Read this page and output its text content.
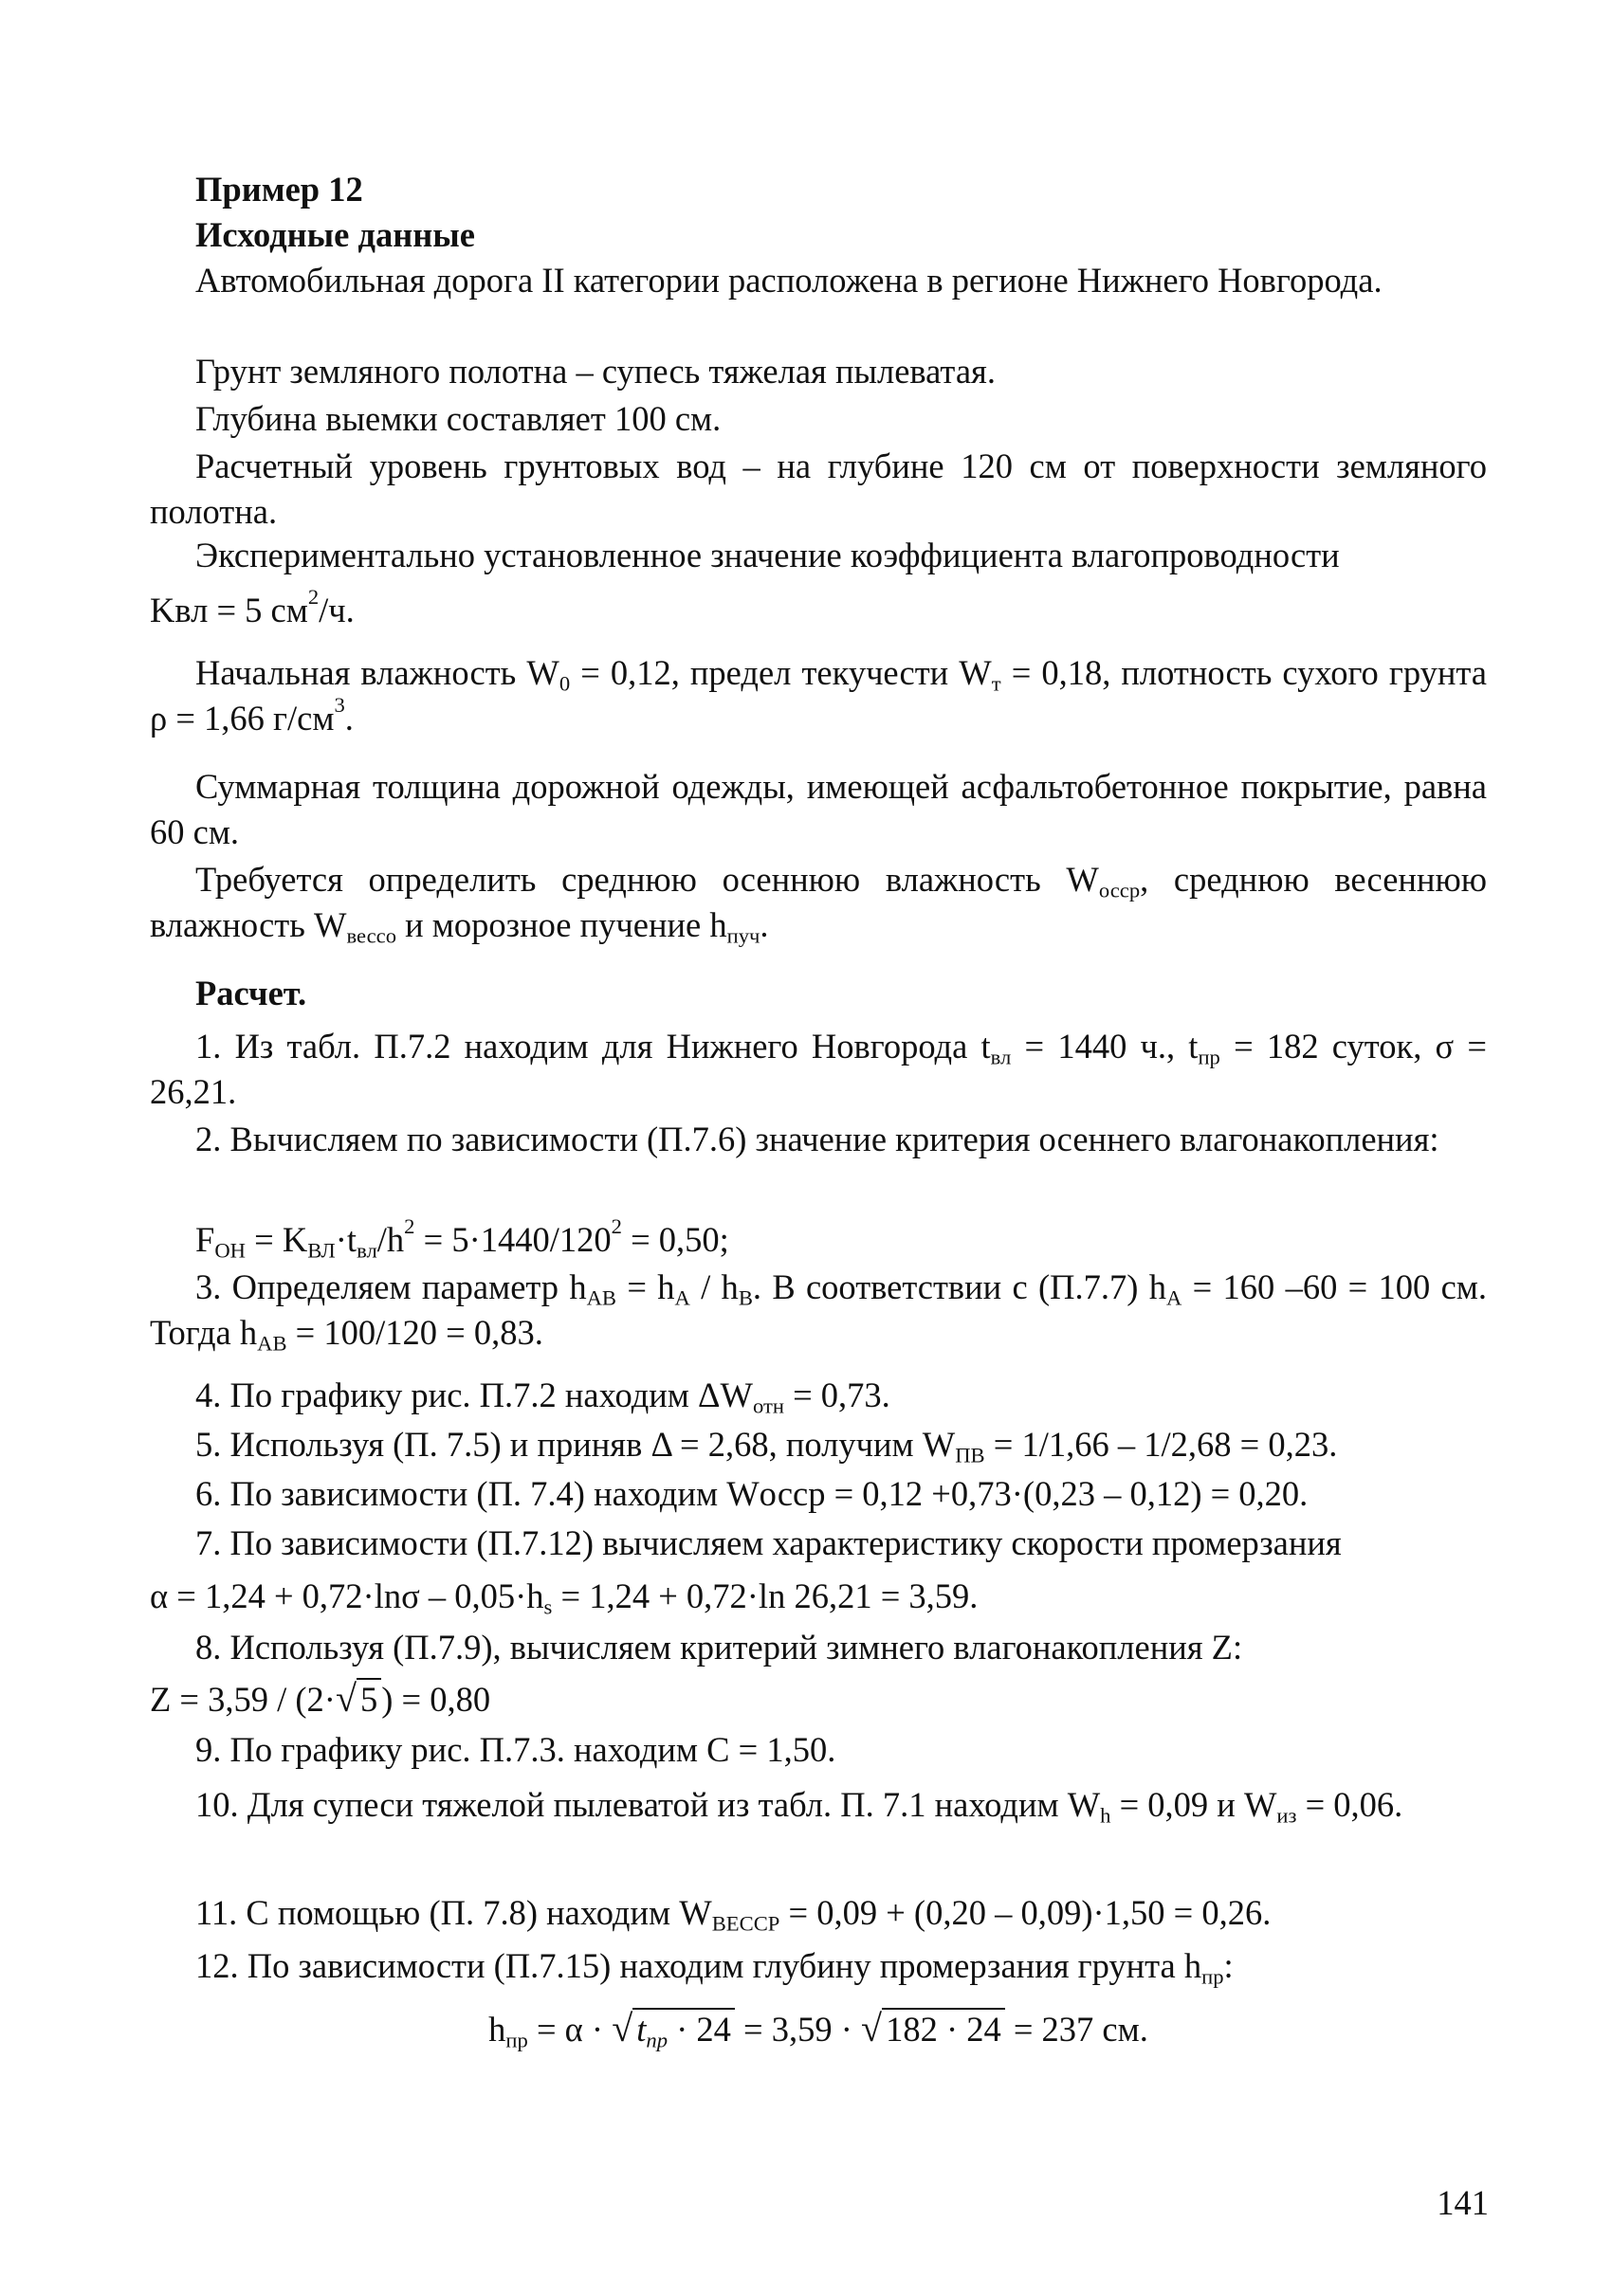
Пример 12
Исходные данные
Автомобильная дорога II категории расположена в регионе Нижнего Новгорода.
Грунт земляного полотна – супесь тяжелая пылеватая.
Глубина выемки составляет 100 см.
Расчетный уровень грунтовых вод – на глубине 120 см от поверхности земляного полотна.
Экспериментально установленное значение коэффициента влагопроводности
Kвл = 5 $см^2/ч$.
Начальная влажность $W_0 = 0,12$, предел текучести $W_т = 0,18$, плотность сухого грунта ρ = 1,66 $г/см^3$.
Суммарная толщина дорожной одежды, имеющей асфальтобетонное покрытие, равна 60 см.
Требуется определить среднюю осеннюю влажность $W_{осср}$, среднюю весеннюю влажность $W_{вессо}$ и морозное пучение $h_{пуч}$.
Расчет.
1. Из табл. П.7.2 находим для Нижнего Новгорода $t_{вл} = 1440$ ч., $t_{пр} = 182$ суток, σ = 26,21.
2. Вычисляем по зависимости (П.7.6) значение критерия осеннего влагонакопления:
$F_{ОН} = K_{ВЛ}\cdot t_{вл}/h^2 = 5\cdot 1440/120^2 = 0,50$;
3. Определяем параметр $h_{AB} = h_A / h_B$. В соответствии с (П.7.7) $h_A = 160$ –60 = 100 см. Тогда $h_{AB} = 100/120 = 0,83$.
4. По графику рис. П.7.2 находим $\Delta W_{отн} = 0,73$.
5. Используя (П. 7.5) и приняв Δ = 2,68, получим $W_{ПВ} = 1/1,66 - 1/2,68 = 0,23$.
6. По зависимости (П. 7.4) находим Wосср = 0,12 +0,73·(0,23 – 0,12) = 0,20.
7. По зависимости (П.7.12) вычисляем характеристику скорости промерзания
$\alpha = 1,24 + 0,72\cdot\ln\sigma - 0,05\cdot h_s = 1,24 + 0,72\cdot\ln$ 26,21 = 3,59.
8. Используя (П.7.9), вычисляем критерий зимнего влагонакопления Z:
Z = 3,59 / (2·√ 5 ) = 0,80
9. По графику рис. П.7.3. находим С = 1,50.
10. Для супеси тяжелой пылеватой из табл. П. 7.1 находим $W_h = 0,09$ и $W_{из} = 0,06$.
11. С помощью (П. 7.8) находим $W_{ВЕССР} = 0,09 + (0,20 - 0,09)\cdot 1,50 = 0,26$.
12. По зависимости (П.7.15) находим глубину промерзания грунта $h_{пр}$:
$h_{пр} = \alpha$ · √ $t_{пр} \cdot 24 = 3,59$ · √ 182 · 24 = 237 см.
141
